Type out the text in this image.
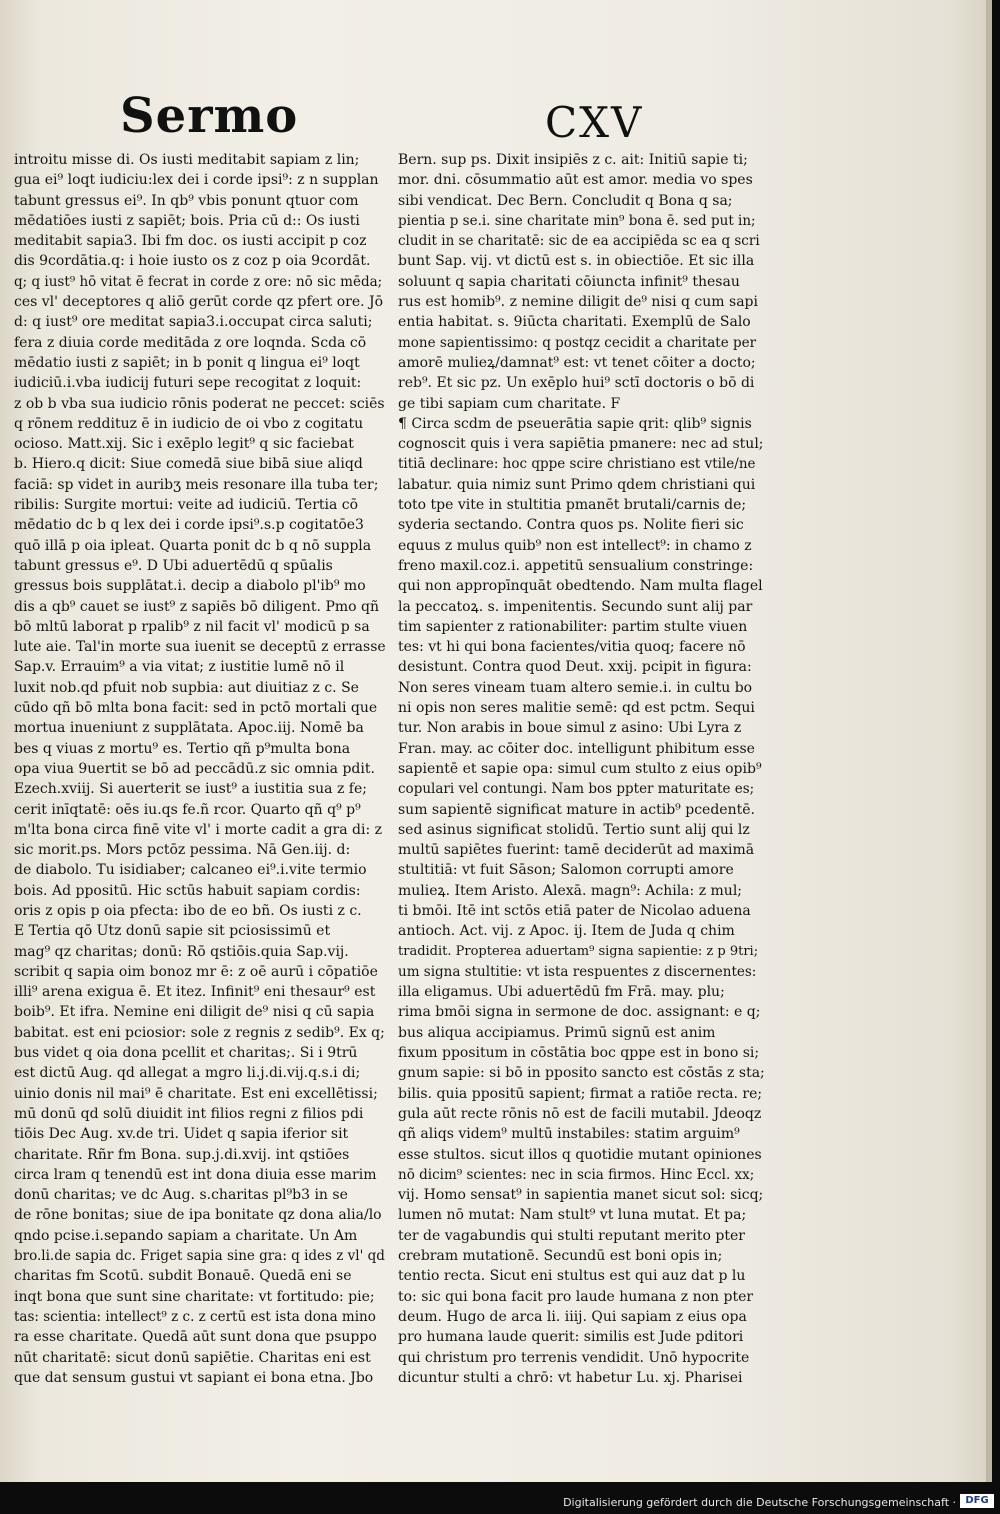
Sermo	CXV
introitu misse di. Os iusti meditabit sapiam z lin;
gua ei⁹ loqt iudiciu:lex dei i corde ipsi⁹: z n supplan
tabunt gressus ei⁹. In qb⁹ vbis ponunt qtuor com
mēdatiōes iusti z sapiēt; bois. Pria cū d:: Os iusti
meditabit sapia3. Ibi fm doc. os iusti accipit p coz
dis 9cordātia.q: i hoie iusto os z coz p oia 9cordāt.
q; q iust⁹ hō vitat ē fecrat in corde z ore: nō sic mēda;
ces vl' deceptores q aliō gerūt corde qz pfert ore. Jō
d: q iust⁹ ore meditat sapia3.i.occupat circa saluti;
fera z diuia corde meditāda z ore loqnda. Scda cō
mēdatio iusti z sapiēt; in b ponit q lingua ei⁹ loqt
iudiciū.i.vba iudicij futuri sepe recogitat z loquit:
z ob b vba sua iudicio rōnis poderat ne peccet: sciēs
q rōnem reddituz ē in iudicio de oi vbo z cogitatu
ocioso. Matt.xij. Sic i exēplo legit⁹ q sic faciebat
b. Hiero.q dicit: Siue comedā siue bibā siue aliqd
faciā: sp videt in auribʒ meis resonare illa tuba ter;
ribilis: Surgite mortui: veite ad iudiciū. Tertia cō
mēdatio dc b q lex dei i corde ipsi⁹.s.p cogitatōe3
quō illā p oia ipleat. Quarta ponit dc b q nō suppla
tabunt gressus e⁹. D Ubi aduertēdū q spūalis
gressus bois supplātat.i. decip a diabolo pl'ib⁹ mo
dis a qb⁹ cauet se iust⁹ z sapiēs bō diligent. Pmo qñ
bō mltū laborat p rpalib⁹ z nil facit vl' modicū p sa
lute aie. Tal'in morte sua iuenit se deceptū z errasse
Sap.v. Errauim⁹ a via vitat; z iustitie lumē nō il
luxit nob.qd pfuit nob supbia: aut diuitiaz z c. Se
cūdo qñ bō mlta bona facit: sed in pctō mortali que
mortua inueniunt z supplātata. Apoc.iij. Nomē ba
bes q viuas z mortu⁹ es. Tertio qñ p⁹multa bona
opa viua 9uertit se bō ad peccādū.z sic omnia pdit.
Ezech.xviij. Si auerterit se iust⁹ a iustitia sua z fe;
cerit inīqtatē: oēs iu.qs fe.ñ rcor. Quarto qñ q⁹ p⁹
m'lta bona circa finē vite vl' i morte cadit a gra di: z
sic morit.ps. Mors pctōz pessima. Nā Gen.iij. d:
de diabolo. Tu isidiaber; calcaneo ei⁹.i.vite termio
bois. Ad ppositū. Hic sctūs habuit sapiam cordis:
oris z opis p oia pfecta: ibo de eo bñ. Os iusti z c.
E Tertia qō Utz donū sapie sit pciosissimū et
mag⁹ qz charitas; donū: Rō qstiōis.quia Sap.vij.
scribit q sapia oim bonoz mr ē: z oē aurū i cōpatiōe
illi⁹ arena exigua ē. Et itez. Infinit⁹ eni thesaur⁹ est
boib⁹. Et ifra. Nemine eni diligit de⁹ nisi q cū sapia
babitat. est eni pciosior: sole z regnis z sedib⁹. Ex q;
bus videt q oia dona pcellit et charitas;. Si i 9trū
est dictū Aug. qd allegat a mgro li.j.di.vij.q.s.i di;
uinio donis nil mai⁹ ē charitate. Est eni excellētissi;
mū donū qd solū diuidit int filios regni z filios pdi
tiōis Dec Aug. xv.de tri. Uidet q sapia iferior sit
charitate. Rñr fm Bona. sup.j.di.xvij. int qstiōes
circa lram q tenendū est int dona diuia esse marim
donū charitas; ve dc Aug. s.charitas pl⁹b3 in se
de rōne bonitas; siue de ipa bonitate qz dona alia/lo
qndo pcise.i.sepando sapiam a charitate. Un Am
bro.li.de sapia dc. Friget sapia sine gra: q ides z vl' qd
charitas fm Scotū. subdit Bonauē. Quedā eni se
inqt bona que sunt sine charitate: vt fortitudo: pie;
tas: scientia: intellect⁹ z c. z certū est ista dona mino
ra esse charitate. Quedā aūt sunt dona que psuppo
nūt charitatē: sicut donū sapiētie. Charitas eni est
que dat sensum gustui vt sapiant ei bona etna. Jbo
Bern. sup ps. Dixit insipiēs z c. ait: Initiū sapie ti;
mor. dni. cōsummatio aūt est amor. media vo spes
sibi vendicat. Dec Bern. Concludit q Bona q sa;
pientia p se.i. sine charitate min⁹ bona ē. sed put in;
cludit in se charitatē: sic de ea accipiēda sc ea q scri
bunt Sap. vij. vt dictū est s. in obiectiōe. Et sic illa
soluunt q sapia charitati cōiuncta infinit⁹ thesau
rus est homib⁹. z nemine diligit de⁹ nisi q cum sapi
entia habitat. s. 9iūcta charitati. Exemplū de Salo
mone sapientissimo: q postqz cecidit a charitate per
amorē mulieꝝ/damnat⁹ est: vt tenet cōiter a docto;
reb⁹. Et sic pz. Un exēplo hui⁹ sctī doctoris o bō di
ge tibi sapiam cum charitate. F
¶ Circa scdm de pseuerātia sapie qrit: qlib⁹ signis
cognoscit quis i vera sapiētia pmanere: nec ad stul;
titiā declinare: hoc qppe scire christiano est vtile/ne
labatur. quia nimiz sunt Primo qdem christiani qui
toto tpe vite in stultitia pmanēt brutali/carnis de;
syderia sectando. Contra quos ps. Nolite fieri sic
equus z mulus quib⁹ non est intellect⁹: in chamo z
freno maxil.coz.i. appetitū sensualium constringe:
qui non appropīnquāt obedtendo. Nam multa flagel
la peccatoꝝ. s. impenitentis. Secundo sunt alij par
tim sapienter z rationabiliter: partim stulte viuen
tes: vt hi qui bona facientes/vitia quoq; facere nō
desistunt. Contra quod Deut. xxij. pcipit in figura:
Non seres vineam tuam altero semie.i. in cultu bo
ni opis non seres malitie semē: qd est pctm. Sequi
tur. Non arabis in boue simul z asino: Ubi Lyra z
Fran. may. ac cōiter doc. intelligunt phibitum esse
sapientē et sapie opa: simul cum stulto z eius opib⁹
copulari vel contungi. Nam bos ppter maturitate es;
sum sapientē significat mature in actib⁹ pcedentē.
sed asinus significat stolidū. Tertio sunt alij qui lz
multū sapiētes fuerint: tamē deciderūt ad maximā
stultitiā: vt fuit Sāson; Salomon corrupti amore
mulieꝝ. Item Aristo. Alexā. magn⁹: Achila: z mul;
ti bmōi. Itē int sctōs etiā pater de Nicolao aduena
antioch. Act. vij. z Apoc. ij. Item de Juda q chim
tradidit. Propterea aduertam⁹ signa sapientie: z p 9tri;
um signa stultitie: vt ista respuentes z discernentes:
illa eligamus. Ubi aduertēdū fm Frā. may. plu;
rima bmōi signa in sermone de doc. assignant: e q;
bus aliqua accipiamus. Primū signū est anim
fixum ppositum in cōstātia boc qppe est in bono si;
gnum sapie: si bō in pposito sancto est cōstās z sta;
bilis. quia ppositū sapient; firmat a ratiōe recta. re;
gula aūt recte rōnis nō est de facili mutabil. Jdeoqz
qñ aliqs videm⁹ multū instabiles: statim arguim⁹
esse stultos. sicut illos q quotidie mutant opiniones
nō dicim⁹ scientes: nec in scia firmos. Hinc Eccl. xx;
vij. Homo sensat⁹ in sapientia manet sicut sol: sicq;
lumen nō mutat: Nam stult⁹ vt luna mutat. Et pa;
ter de vagabundis qui stulti reputant merito pter
crebram mutationē. Secundū est boni opis in;
tentio recta. Sicut eni stultus est qui auz dat p lu
to: sic qui bona facit pro laude humana z non pter
deum. Hugo de arca li. iiij. Qui sapiam z eius opa
pro humana laude querit: similis est Jude pditori
qui christum pro terrenis vendidit. Unō hypocrite
dicuntur stulti a chrō: vt habetur Lu. xj. Pharisei
Digitalisierung gefördert durch die Deutsche Forschungsgemeinschaft · DFG
